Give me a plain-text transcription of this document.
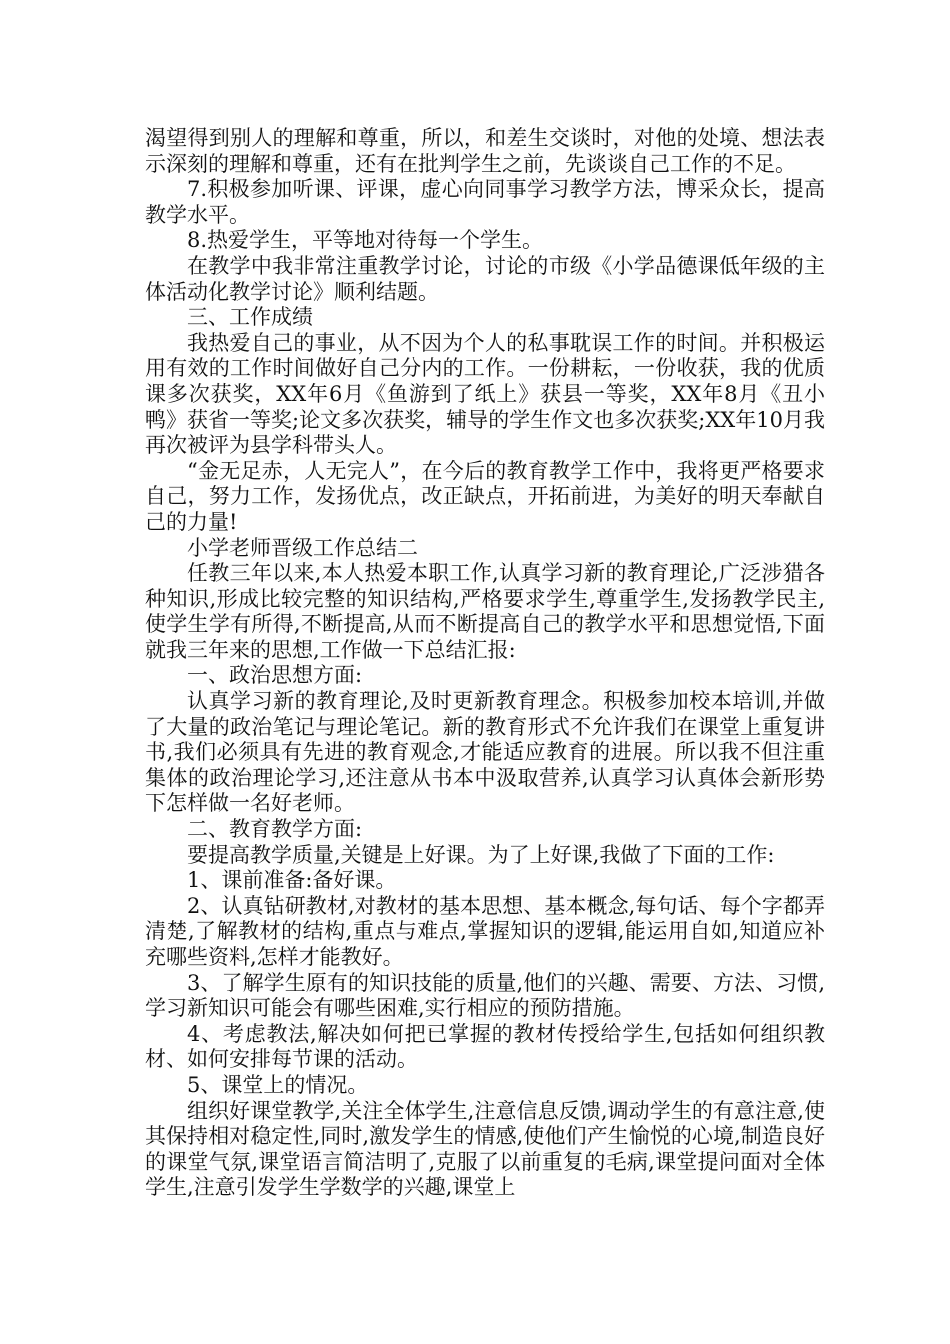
渴望得到别人的理解和尊重，所以，和差生交谈时，对他的处境、想法表示深刻的理解和尊重，还有在批判学生之前，先谈谈自己工作的不足。

7.积极参加听课、评课，虚心向同事学习教学方法，博采众长，提高教学水平。

8.热爱学生，平等地对待每一个学生。

在教学中我非常注重教学讨论，讨论的市级《小学品德课低年级的主体活动化教学讨论》顺利结题。

三、工作成绩

我热爱自己的事业，从不因为个人的私事耽误工作的时间。并积极运用有效的工作时间做好自己分内的工作。一份耕耘，一份收获，我的优质课多次获奖，XX年6月《鱼游到了纸上》获县一等奖，XX年8月《丑小鸭》获省一等奖;论文多次获奖，辅导的学生作文也多次获奖;XX年10月我再次被评为县学科带头人。

“金无足赤，人无完人”，在今后的教育教学工作中，我将更严格要求自己，努力工作，发扬优点，改正缺点，开拓前进，为美好的明天奉献自己的力量!

小学老师晋级工作总结二

任教三年以来,本人热爱本职工作,认真学习新的教育理论,广泛涉猎各种知识,形成比较完整的知识结构,严格要求学生,尊重学生,发扬教学民主,使学生学有所得,不断提高,从而不断提高自己的教学水平和思想觉悟,下面就我三年来的思想,工作做一下总结汇报:

一、政治思想方面:

认真学习新的教育理论,及时更新教育理念。积极参加校本培训,并做了大量的政治笔记与理论笔记。新的教育形式不允许我们在课堂上重复讲书,我们必须具有先进的教育观念,才能适应教育的进展。所以我不但注重集体的政治理论学习,还注意从书本中汲取营养,认真学习认真体会新形势下怎样做一名好老师。

二、教育教学方面:

要提高教学质量,关键是上好课。为了上好课,我做了下面的工作:

1、课前准备:备好课。

2、认真钻研教材,对教材的基本思想、基本概念,每句话、每个字都弄清楚,了解教材的结构,重点与难点,掌握知识的逻辑,能运用自如,知道应补充哪些资料,怎样才能教好。

3、了解学生原有的知识技能的质量,他们的兴趣、需要、方法、习惯,学习新知识可能会有哪些困难,实行相应的预防措施。

4、考虑教法,解决如何把已掌握的教材传授给学生,包括如何组织教材、如何安排每节课的活动。

5、课堂上的情况。

组织好课堂教学,关注全体学生,注意信息反馈,调动学生的有意注意,使其保持相对稳定性,同时,激发学生的情感,使他们产生愉悦的心境,制造良好的课堂气氛,课堂语言简洁明了,克服了以前重复的毛病,课堂提问面对全体学生,注意引发学生学数学的兴趣,课堂上
